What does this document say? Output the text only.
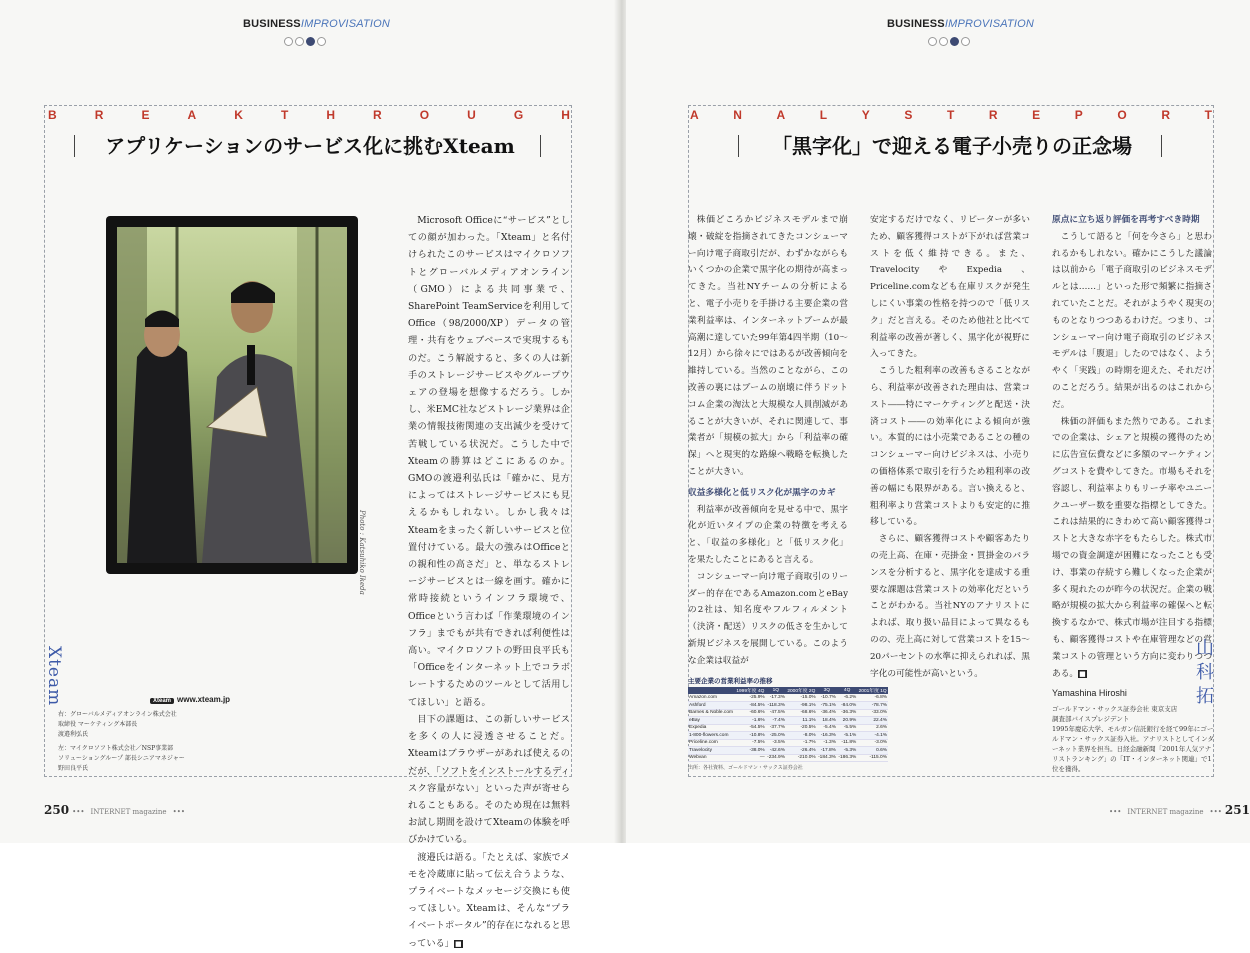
BUSINESSIMPROVISATION
B	R	E	A	K	T	H	R	O	U	G	H
アプリケーションのサービス化に挑むXteam
Photo : Katsuhiko Ikeda

Microsoft Officeに“サービス”としての顔が加わった。「Xteam」と名付けられたこのサービスはマイクロソフトとグローバルメディアオンライン（GMO）による共同事業で、SharePoint TeamServiceを利用してOffice（98/2000/XP）データの管理・共有をウェブベースで実現するものだ。こう解説すると、多くの人は新手のストレージサービスやグループウェアの登場を想像するだろう。しかし、米EMC社などストレージ業界は企業の情報技術関連の支出減少を受けて苦戦している状況だ。こうした中でXteamの勝算はどこにあるのか。GMOの渡邉利弘氏は「確かに、見方によってはストレージサービスにも見えるかもしれない。しかし我々はXteamをまったく新しいサービスと位置付けている。最大の強みはOfficeとの親和性の高さだ」と、単なるストレージサービスとは一線を画す。確かに常時接続というインフラ環境で、Officeという言わば「作業環境のインフラ」までもが共有できれば利便性は高い。マイクロソフトの野田良平氏も「Officeをインターネット上でコラボレートするためのツールとして活用してほしい」と語る。

目下の課題は、この新しいサービスを多くの人に浸透させることだ。Xteamはブラウザーがあれば使えるのだが、「ソフトをインストールするディスク容量がない」といった声が寄せられることもある。そのため現在は無料お試し期間を設けてXteamの体験を呼びかけている。

渡邉氏は語る。「たとえば、家族でメモを冷蔵庫に貼って伝え合うような、プライベートなメッセージ交換にも使ってほしい。Xteamは、そんな“プライベートポータル”的存在になれると思っている」■

Xteam	Xteam www.xteam.jp
右：グローバルメディアオンライン株式会社
取締役 マーケティング本部長
渡邉利弘氏
左：マイクロソフト株式会社／NSP事業部
ソリューショングループ 部長シニアマネジャー
野田良平氏
250 ••• INTERNET magazine •••
BUSINESSIMPROVISATION
A	N	A	L	Y	S	T	R	E	P	O	R	T
「黒字化」で迎える電子小売りの正念場

株価どころかビジネスモデルまで崩壊・破綻を指摘されてきたコンシューマー向け電子商取引だが、わずかながらもいくつかの企業で黒字化の期待が高まってきた。当社NYチームの分析によると、電子小売りを手掛ける主要企業の営業利益率は、インターネットブームが最高潮に達していた99年第4四半期（10～12月）から徐々にではあるが改善傾向を維持している。当然のことながら、この改善の裏にはブームの崩壊に伴うドットコム企業の淘汰と大規模な人員削減があることが大きいが、それに関連して、事業者が「規模の拡大」から「利益率の確保」へと現実的な路線へ戦略を転換したことが大きい。

収益多様化と低リスク化が黒字のカギ

利益率が改善傾向を見せる中で、黒字化が近いタイプの企業の特徴を考えると、「収益の多様化」と「低リスク化」を果たしたことにあると言える。

コンシューマー向け電子商取引のリーダー的存在であるAmazon.comとeBayの2社は、知名度やフルフィルメント（決済・配送）リスクの低さを生かして新規ビジネスを展開している。このような企業は収益が

安定するだけでなく、リピーターが多いため、顧客獲得コストが下がれば営業コストを低く維持できる。また、TravelocityやExpedia、Priceline.comなども在庫リスクが発生しにくい事業の性格を持つので「低リスク」だと言える。そのため他社と比べて利益率の改善が著しく、黒字化が視野に入ってきた。

こうした粗利率の改善もさることながら、利益率が改善された理由は、営業コスト――特にマーケティングと配送・決済コスト――の効率化による傾向が強い。本質的には小売業であることの種のコンシューマー向けビジネスは、小売りの価格体系で取引を行うため粗利率の改善の幅にも限界がある。言い換えると、粗利率より営業コストよりも安定的に推移している。

さらに、顧客獲得コストや顧客あたりの売上高、在庫・売掛金・買掛金のバランスを分析すると、黒字化を達成する重要な課題は営業コストの効率化だということがわかる。当社NYのアナリストによれば、取り扱い品目によって異なるものの、売上高に対して営業コストを15～20パーセントの水準に抑えられれば、黒字化の可能性が高いという。

原点に立ち返り評価を再考すべき時期

こうして語ると「何を今さら」と思われるかもしれない。確かにこうした議論は以前から「電子商取引のビジネスモデルとは……」といった形で頻繁に指摘されていたことだ。それがようやく現実のものとなりつつあるわけだ。つまり、コンシューマー向け電子商取引のビジネスモデルは「腹退」したのではなく、ようやく「実践」の時期を迎えた、それだけのことだろう。結果が出るのはこれからだ。

株価の評価もまた然りである。これまでの企業は、シェアと規模の獲得のために広告宣伝費などに多額のマーケティングコストを費やしてきた。市場もそれを容認し、利益率よりもリーチ率やユニークユーザー数を重要な指標としてきた。これは結果的にきわめて高い顧客獲得コストと大きな赤字をもたらした。株式市場での資金調達が困難になったことも受け、事業の存続すら難しくなった企業が多く現れたのが昨今の状況だ。企業の戦略が規模の拡大から利益率の確保へと転換するなかで、株式市場が注目する指標も、顧客獲得コストや在庫管理などの営業コストの管理という方向に変わりつつある。■

••• INTERNET magazine ••• 251
主要企業の営業利益率の推移
	1999年度 4Q	1Q	2000年度 2Q	3Q	4Q	2001年度 1Q
Amazon.com	-25.9%	-17.3%	-15.0%	-10.7%	-6.2%	-6.8%
Ashford	-84.5%	-118.3%	-98.1%	-75.1%	-84.0%	-78.7%
Barnes & Noble.com	-60.6%	-47.5%	-68.6%	-36.4%	-36.3%	-33.0%
eBay	-1.6%	-7.4%	11.1%	18.4%	20.9%	22.4%
Expedia	-54.5%	-37.7%	-20.5%	-5.4%	-5.5%	2.6%
1-800-flowers.com	-10.8%	-25.0%	-8.0%	-16.3%	-5.1%	-4.1%
Priceline.com	-7.5%	-3.5%	-1.7%	-1.3%	-11.8%	-3.0%
Travelocity	-38.0%	-42.6%	-26.4%	-17.8%	-5.3%	0.6%
Webvan	—	-234.9%	-210.0%	-184.3%	-186.3%	-115.0%
出所：各社資料、ゴールドマン・サックス証券会社
山科拓
Yamashina Hiroshi
ゴールドマン・サックス証券会社 東京支店
調査部バイスプレジデント
1995年慶応大学、モルガン信託銀行を経て99年にゴールドマン・サックス証券入社。アナリストとしてインターネット業界を担当。日経金融新聞「2001年人気アナリストランキング」の「IT・インターネット関連」で1位を獲得。
